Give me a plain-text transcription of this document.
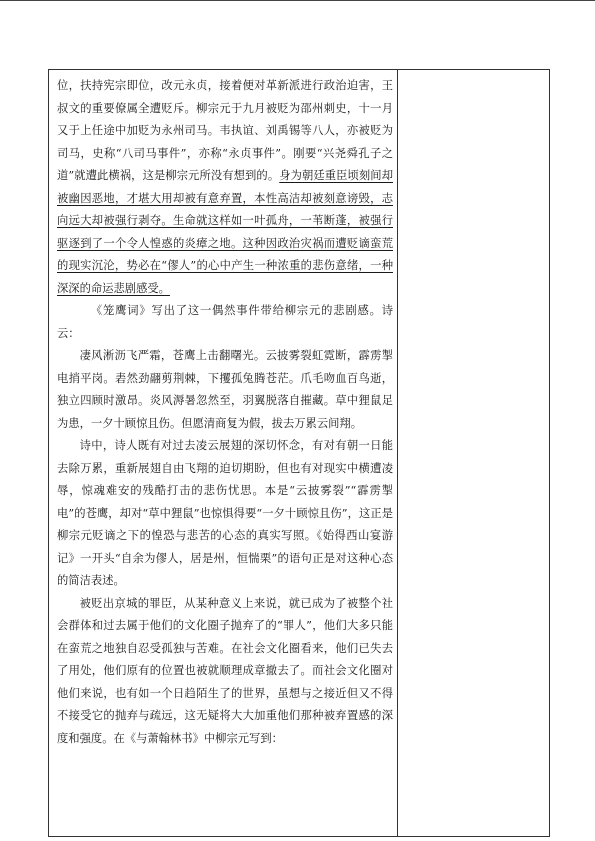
位，扶持宪宗即位，改元永贞，接着便对革新派进行政治迫害，王叔文的重要僚属全遭贬斥。柳宗元于九月被贬为邵州刺史，十一月又于上任途中加贬为永州司马。韦执谊、刘禹锡等八人，亦被贬为司马，史称“八司马事件”，亦称“永贞事件”。刚要“兴尧舜孔子之道”就遭此横祸，这是柳宗元所没有想到的。身为朝廷重臣顷刻间却被幽因恶地，才堪大用却被有意弃置，本性高洁却被刻意谤毁，志向远大却被强行剥夺。生命就这样如一叶孤舟，一苇断蓬，被强行驱逐到了一个令人惶惑的炎瘴之地。这种因政治灾祸而遭贬谪蛮荒的现实沉沦，势必在“僇人”的心中产生一种浓重的悲伤意绪，一种深深的命运悲剧感受。

《笼鹰词》写出了这一偶然事件带给柳宗元的悲剧感。诗云：

凄风淅沥飞严霜，苍鹰上击翻曙光。云披雾裂虹霓断，霹雳掣电捎平岗。砉然劲翮剪荆棘，下攫孤兔腾苍茫。爪毛吻血百鸟逝，独立四顾时激昂。炎风溽暑忽然至，羽翼脱落自摧藏。草中狸鼠足为患，一夕十顾惊且伤。但愿清商复为假，拔去万累云间翔。

诗中，诗人既有对过去凌云展翅的深切怀念，有对有朝一日能去除万累，重新展翅自由飞翔的迫切期盼，但也有对现实中横遭凌辱，惊魂难安的残酷打击的悲伤忧思。本是“云披雾裂”“霹雳掣电”的苍鹰，却对“草中狸鼠”也惊惧得要“一夕十顾惊且伤”，这正是柳宗元贬谪之下的惶恐与悲苦的心态的真实写照。《始得西山宴游记》一开头“自余为僇人，居是州，恒惴栗”的语句正是对这种心态的简洁表述。

被贬出京城的罪臣，从某种意义上来说，就已成为了被整个社会群体和过去属于他们的文化圈子抛弃了的“罪人”，他们大多只能在蛮荒之地独自忍受孤独与苦难。在社会文化圈看来，他们已失去了用处，他们原有的位置也被就顺理成章撤去了。而社会文化圈对他们来说，也有如一个日趋陌生了的世界，虽想与之接近但又不得不接受它的抛弃与疏远，这无疑将大大加重他们那种被弃置感的深度和强度。在《与萧翰林书》中柳宗元写到：
